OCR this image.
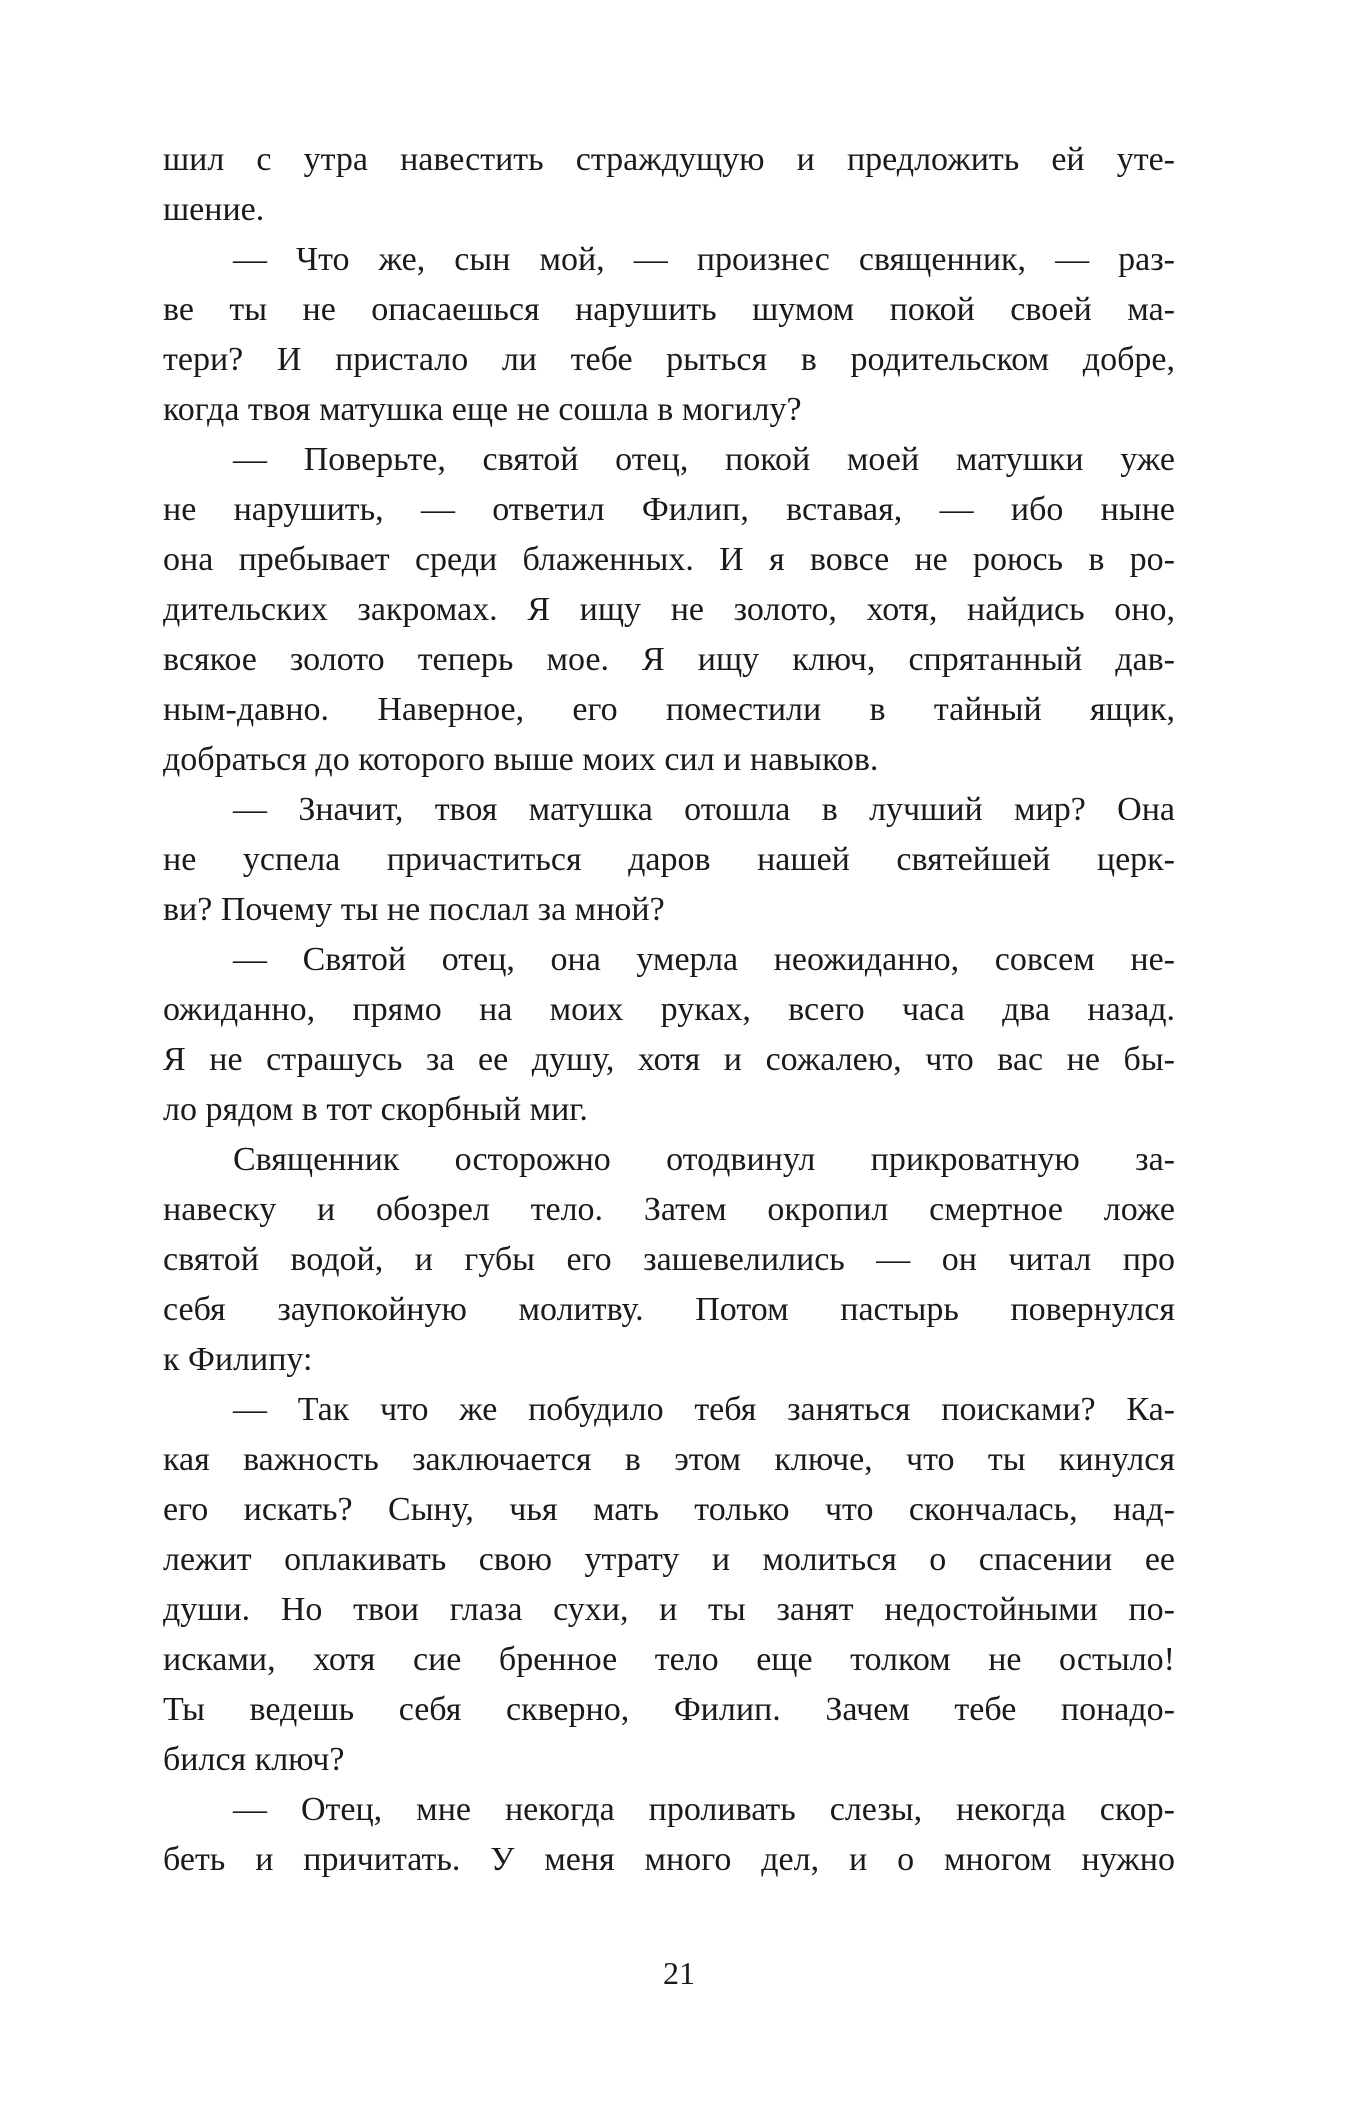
шил с утра навестить страждущую и предложить ей уте-
шение.
— Что же, сын мой, — произнес священник, — раз-
ве ты не опасаешься нарушить шумом покой своей ма-
тери? И пристало ли тебе рыться в родительском добре,
когда твоя матушка еще не сошла в могилу?
— Поверьте, святой отец, покой моей матушки уже
не нарушить, — ответил Филип, вставая, — ибо ныне
она пребывает среди блаженных. И я вовсе не роюсь в ро-
дительских закромах. Я ищу не золото, хотя, найдись оно,
всякое золото теперь мое. Я ищу ключ, спрятанный дав-
ным-давно. Наверное, его поместили в тайный ящик,
добраться до которого выше моих сил и навыков.
— Значит, твоя матушка отошла в лучший мир? Она
не успела причаститься даров нашей святейшей церк-
ви? Почему ты не послал за мной?
— Святой отец, она умерла неожиданно, совсем не-
ожиданно, прямо на моих руках, всего часа два назад.
Я не страшусь за ее душу, хотя и сожалею, что вас не бы-
ло рядом в тот скорбный миг.
Священник осторожно отодвинул прикроватную за-
навеску и обозрел тело. Затем окропил смертное ложе
святой водой, и губы его зашевелились — он читал про
себя заупокойную молитву. Потом пастырь повернулся
к Филипу:
— Так что же побудило тебя заняться поисками? Ка-
кая важность заключается в этом ключе, что ты кинулся
его искать? Сыну, чья мать только что скончалась, над-
лежит оплакивать свою утрату и молиться о спасении ее
души. Но твои глаза сухи, и ты занят недостойными по-
исками, хотя сие бренное тело еще толком не остыло!
Ты ведешь себя скверно, Филип. Зачем тебе понадо-
бился ключ?
— Отец, мне некогда проливать слезы, некогда скор-
беть и причитать. У меня много дел, и о многом нужно
21
